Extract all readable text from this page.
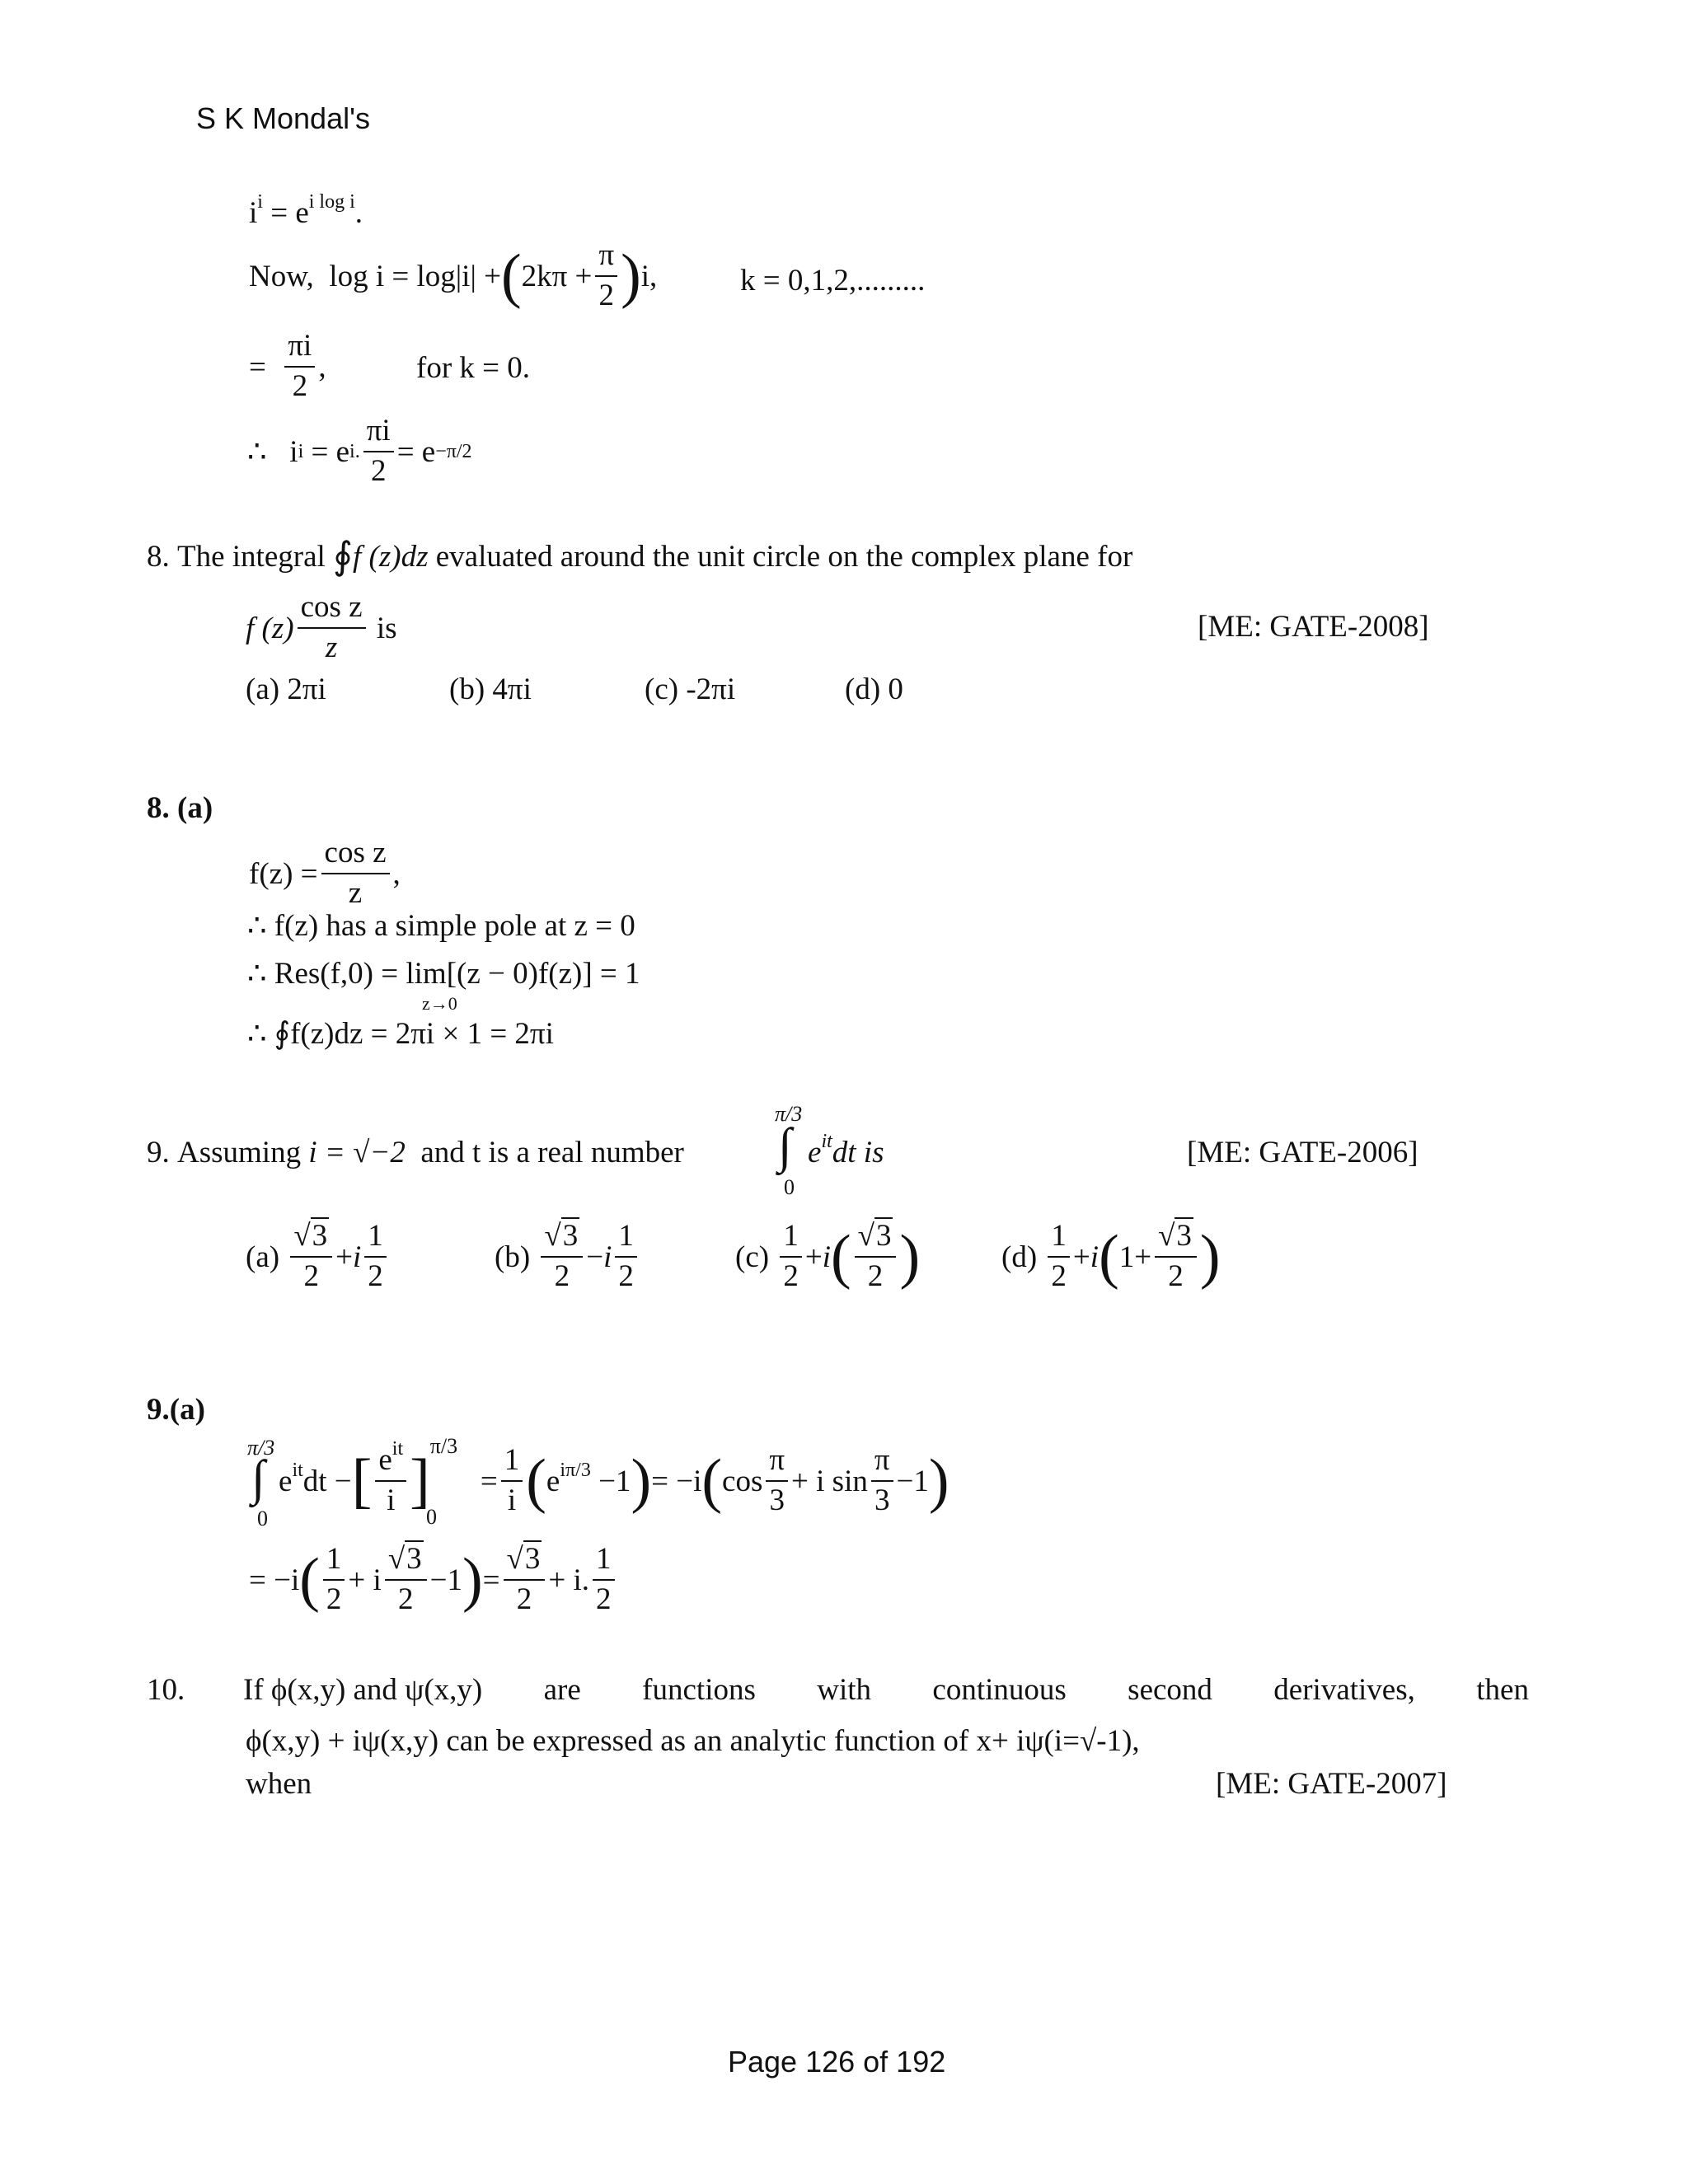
S K Mondal's
$i^i = e^{i log i}$.
Now,
log i = log|i| + ( $2k\pi + \frac{\pi}{2}$ ) i,	k = 0,1,2,.........
=
$\frac{\pi i}{2}$ ,	for k = 0.
∴
i i
= e i. $\frac{\pi i}{2} = e -\pi/2$
8.
The integral
∮ f (z)dz
evaluated around the unit circle on the complex plane for
f $(z) \frac{\text{cos z}}{z}$
is	[ME: GATE-2008]
(a) 2πi	(b) 4πi	(c) -2πi	(d) 0
8. (a)
$f(z) = \frac{\text{cos z}}{z}$ ,
∴ f(z) has a simple pole at z = 0
∴ Res(f,0) = lim[(z − 0)f(z)] = 1
z→0
∴ ∮f(z)dz = 2πi × 1 = 2πi
9.
Assuming
i = √−2
and t is a real number
π/3
∫
0
$e^{it}dt$ is	[ME: GATE-2006]
(a)
$\frac{√3}{2} +i \frac{1}{2}$	(b)
$\frac{√3}{2} -i \frac{1}{2}$	(c)
$\frac{1}{2} +i$ ( $\frac{√3}{2}$ )	(d)
$\frac{1}{2} +i$ ( $1+ \frac{√3}{2}$ )
9.(a)
π/3
∫
0
$e^{it}dt$ − [ $\frac{e^{it}}{i}$ ]
π/3
= $\frac{1}{i}$ ( $e^{i\pi/3} -1$ ) = −i ( $\cos \frac{\pi}{3} + i$ $\sin \frac{\pi}{3} -1$ )
0
= −i ( $\frac{1}{2} + i \frac{√3}{2} -1$ ) = $\frac{√3}{2} + i$. $\frac{1}{2}$
10. If ϕ(x,y) and ψ(x,y) are functions with continuous second derivatives, then
ϕ(x,y) + iψ(x,y) can be expressed as an analytic function of x+ iψ(i=√-1),
when	[ME: GATE-2007]
Page 126 of 192
